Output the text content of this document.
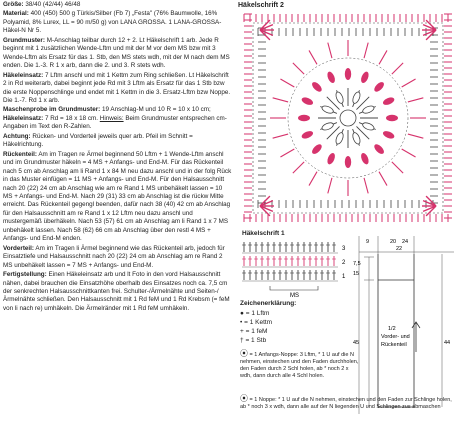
Größe: 38/40 (42/44) 46/48

Material: 400 (450) 500 g Türkis/Silber (Fb 7) „Festa" (76% Baumwolle, 16% Polyamid, 8% Lurex, LL = 90 m/50 g) von LANA GROSSA. 1 LANA-GROSSA-Häkel-N Nr 5.

Grundmuster: M-Anschlag teilbar durch 12 + 2. Lt Häkelschrift 1 arb. Jede R beginnt mit 1 zusätzlichen Wende-Lftm und mit der M vor dem MS bzw mit 3 Wende-Lftm als Ersatz für das 1. Stb, den MS stets wdh, mit der M nach dem MS enden. Die 1.-3. R 1 x arb, dann die 2. und 3. R stets wdh.

Häkeleinsatz: 7 Lftm anschl und mit 1 Kettm zum Ring schließen. Lt Häkelschrift 2 in Rd weiterarb, dabei beginnt jede Rd mit 3 Lftm als Ersatz für das 1 Stb bzw die erste Noppenschlinge und endet mit 1 Kettm in die 3. Ersatz-Lftm bzw Noppe. Die 1.-7. Rd 1 x arb.

Maschenprobe im Grundmuster: 19 Anschlag-M und 10 R = 10 x 10 cm; Häkeleinsatz: 7 Rd = 18 x 18 cm. Hinweis: Beim Grundmuster entsprechen cm-Angaben im Text den R-Zahlen.

Achtung: Rücken- und Vorderteil jeweils quer arb. Pfeil im Schnitt = Häkelrichtung.

Rückenteil: Am im Tragen re Ärmel beginnend 50 Lftm + 1 Wende-Lftm anschl und im Grundmuster häkeln = 4 MS + Anfangs- und End-M. Für das Rückenteil nach 5 cm ab Anschlag am li Rand 1 x 84 M neu dazu anschl und in der folg Rück in das Muster einfügen = 11 MS + Anfangs- und End-M. Für den Halsausschnitt nach 20 (22) 24 cm ab Anschlag wie am re Rand 1 MS unbehäkelt lassen = 10 MS + Anfangs- und End-M. Nach 29 (31) 33 cm ab Anschlag ist die rückw Mitte erreicht. Das Rückenteil gegengl beenden, dafür nach 38 (40) 42 cm ab Anschlag für den Halsausschnitt am re Rand 1 x 12 Lftm neu dazu anschl und mustergemäß überhäkeln. Nach 53 (57) 61 cm ab Anschlag am li Rand 1 x 7 MS unbehäkelt lassen. Nach 58 (62) 66 cm ab Anschlag über den restl 4 MS + Anfangs- und End-M enden.

Vorderteil: Am im Tragen li Ärmel beginnend wie das Rückenteil arb, jedoch für Einsatztiefe und Halsausschnitt nach 20 (22) 24 cm ab Anschlag am re Rand 2 MS unbehäkelt lassen = 7 MS + Anfangs- und End-M.

Fertigstellung: Einen Häkeleinsatz arb und lt Foto in den vord Halsausschnitt nähen, dabei brauchen die Einsatzhöhe oberhalb des Einsatzes noch ca. 7,5 cm der senkrechten Halsausschnittkanten frei. Schulter-/Ärmelnähte und Seiten-/Ärmelnähte schließen. Den Halsausschnitt mit 1 Rd feM und 1 Rd Krebsm (= feM von li nach re) umhäkeln. Die Ärmelränder mit 1 Rd feM umhäkeln.

Häkelschrift 2
Häkelschrift 1
3
2
1
MS
9	20 24
22
7,5
15
45
1/2
Vorder- und
Rückenteil	44
Zeichenerklärung:
● = 1 Lftm
• = 1 Kettm
+ = 1 feM
† = 1 Stb
⦿ = 1 Anfangs-Noppe: 3 Lftm, * 1 U auf die N nehmen, einstechen und den Faden durchholen, den Faden durch 2 Schl holen, ab * noch 2 x wdh, dann durch alle 4 Schl holen.
⦿ = 1 Noppe: * 1 U auf die N nehmen, einstechen und den Faden zur Schlinge holen, ab * noch 3 x wdh, dann alle auf der N liegenden U und Schlingen zus abmaschen
